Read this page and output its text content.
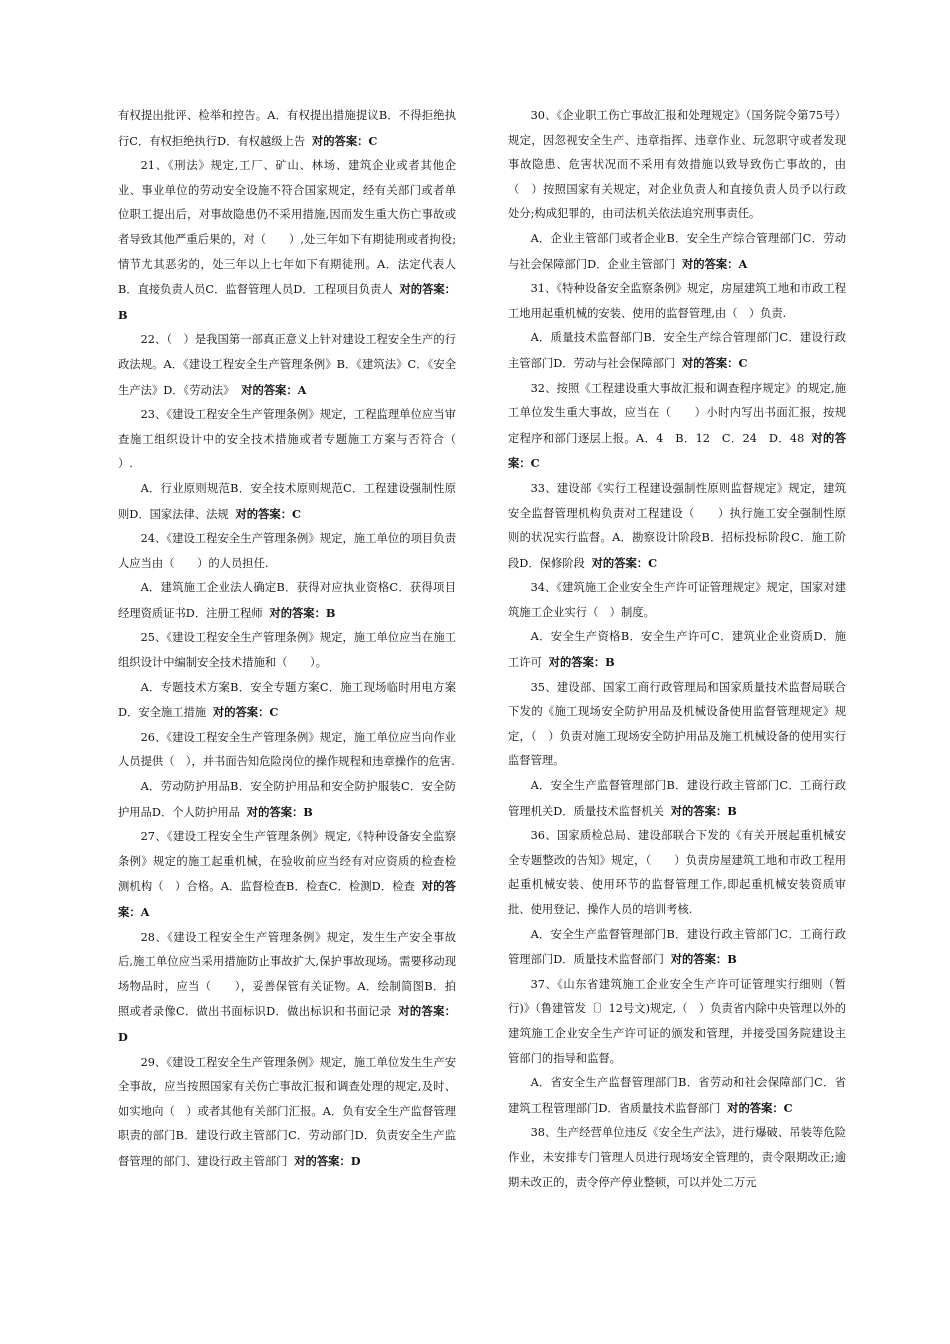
有权提出批评、检举和控告。A．有权提出措施提议B．不得拒绝执行C．有权拒绝执行D．有权越级上告 对的答案：C

21、《刑法》规定,工厂、矿山、林场、建筑企业或者其他企业、事业单位的劳动安全设施不符合国家规定，经有关部门或者单位职工提出后，对事故隐患仍不采用措施,因而发生重大伤亡事故或者导致其他严重后果的，对（　　）,处三年如下有期徒刑或者拘役;情节尤其恶劣的，处三年以上七年如下有期徒刑。A．法定代表人B．直接负责人员C．监督管理人员D．工程项目负责人 对的答案：B

22、（　）是我国第一部真正意义上针对建设工程安全生产的行政法规。A．《建设工程安全生产管理条例》B．《建筑法》C．《安全生产法》D．《劳动法》 对的答案：A

23、《建设工程安全生产管理条例》规定，工程监理单位应当审查施工组织设计中的安全技术措施或者专题施工方案与否符合（　　）.

A．行业原则规范B．安全技术原则规范C．工程建设强制性原则D．国家法律、法规 对的答案：C

24、《建设工程安全生产管理条例》规定，施工单位的项目负责人应当由（　　）的人员担任.

A．建筑施工企业法人确定B．获得对应执业资格C．获得项目经理资质证书D．注册工程师 对的答案：B

25、《建设工程安全生产管理条例》规定，施工单位应当在施工组织设计中编制安全技术措施和（　　）。

A．专题技术方案B．安全专题方案C．施工现场临时用电方案D．安全施工措施 对的答案：C

26、《建设工程安全生产管理条例》规定，施工单位应当向作业人员提供（　），并书面告知危险岗位的操作规程和违章操作的危害.

A．劳动防护用品B．安全防护用品和安全防护服装C．安全防护用品D．个人防护用品 对的答案：B

27、《建设工程安全生产管理条例》规定,《特种设备安全监察条例》规定的施工起重机械，在验收前应当经有对应资质的检查检测机构（　）合格。A．监督检查B．检查C．检测D．检查 对的答案：A

28、《建设工程安全生产管理条例》规定，发生生产安全事故后,施工单位应当采用措施防止事故扩大,保护事故现场。需要移动现场物品时，应当（　　），妥善保管有关证物。A．绘制简图B．拍照或者录像C．做出书面标识D．做出标识和书面记录 对的答案：D

29、《建设工程安全生产管理条例》规定，施工单位发生生产安全事故，应当按照国家有关伤亡事故汇报和调查处理的规定,及时、如实地向（　）或者其他有关部门汇报。A．负有安全生产监督管理职责的部门B．建设行政主管部门C．劳动部门D．负责安全生产监督管理的部门、建设行政主管部门 对的答案：D

30、《企业职工伤亡事故汇报和处理规定》（国务院令第75号）规定，因忽视安全生产、违章指挥、违章作业、玩忽职守或者发现事故隐患、危害状况而不采用有效措施以致导致伤亡事故的，由（　）按照国家有关规定，对企业负责人和直接负责人员予以行政处分;构成犯罪的，由司法机关依法追究刑事责任。

A．企业主管部门或者企业B．安全生产综合管理部门C．劳动与社会保障部门D．企业主管部门 对的答案：A

31、《特种设备安全监察条例》规定，房屋建筑工地和市政工程工地用起重机械的安装、使用的监督管理,由（　）负责.

A．质量技术监督部门B．安全生产综合管理部门C．建设行政主管部门D．劳动与社会保障部门 对的答案：C

32、按照《工程建设重大事故汇报和调查程序规定》的规定,施工单位发生重大事故，应当在（　　）小时内写出书面汇报，按规定程序和部门逐层上报。A．4　B．12　C．24　D．48 对的答案：C

33、建设部《实行工程建设强制性原则监督规定》规定，建筑安全监督管理机构负责对工程建设（　　）执行施工安全强制性原则的状况实行监督。A．勘察设计阶段B．招标投标阶段C．施工阶段D．保修阶段 对的答案：C

34、《建筑施工企业安全生产许可证管理规定》规定，国家对建筑施工企业实行（　）制度。

A．安全生产资格B．安全生产许可C．建筑业企业资质D．施工许可 对的答案：B

35、建设部、国家工商行政管理局和国家质量技术监督局联合下发的《施工现场安全防护用品及机械设备使用监督管理规定》规定，（　）负责对施工现场安全防护用品及施工机械设备的使用实行监督管理。

A．安全生产监督管理部门B．建设行政主管部门C．工商行政管理机关D．质量技术监督机关 对的答案：B

36、国家质检总局、建设部联合下发的《有关开展起重机械安全专题整改的告知》规定，（　　）负责房屋建筑工地和市政工程用起重机械安装、使用环节的监督管理工作,即起重机械安装资质审批、使用登记、操作人员的培训考核.

A．安全生产监督管理部门B．建设行政主管部门C．工商行政管理部门D．质量技术监督部门 对的答案：B

37、《山东省建筑施工企业安全生产许可证管理实行细则（暂行)》（鲁建管发〔〕12号文)规定,（　）负责省内除中央管理以外的建筑施工企业安全生产许可证的颁发和管理，并接受国务院建设主管部门的指导和监督。

A．省安全生产监督管理部门B．省劳动和社会保障部门C．省建筑工程管理部门D．省质量技术监督部门 对的答案：C

38、生产经营单位违反《安全生产法》，进行爆破、吊装等危险作业，未安排专门管理人员进行现场安全管理的，责令限期改正;逾期未改正的，责令停产停业整顿，可以并处二万元
